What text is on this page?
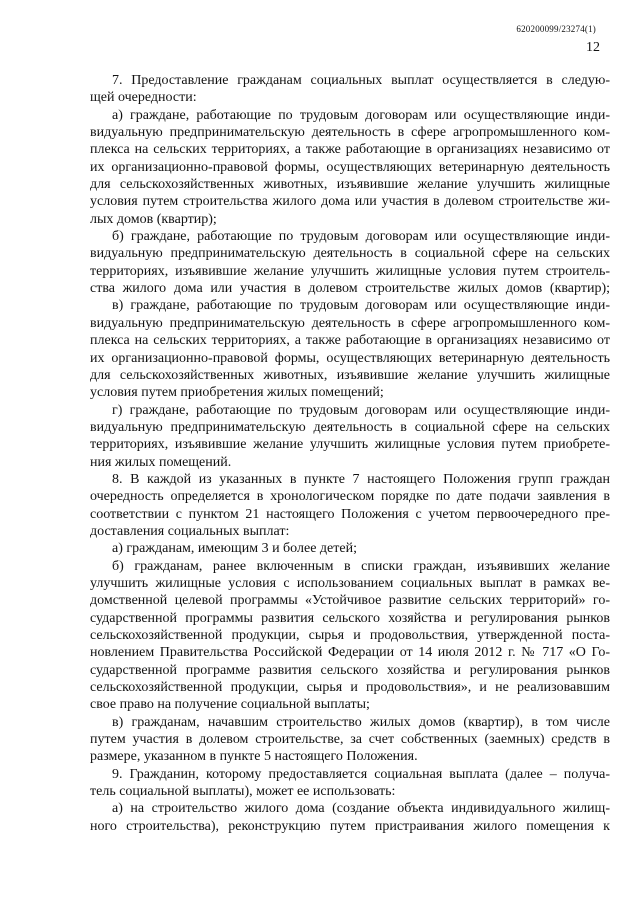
620200099/23274(1)
12
7. Предоставление гражданам социальных выплат осуществляется в следую-
щей очередности:
а) граждане, работающие по трудовым договорам или осуществляющие инди-
видуальную предпринимательскую деятельность в сфере агропромышленного ком-
плекса на сельских территориях, а также работающие в организациях независимо от
их организационно-правовой формы, осуществляющих ветеринарную деятельность
для сельскохозяйственных животных, изъявившие желание улучшить жилищные
условия путем строительства жилого дома или участия в долевом строительстве жи-
лых домов (квартир);
б) граждане, работающие по трудовым договорам или осуществляющие инди-
видуальную предпринимательскую деятельность в социальной сфере на сельских
территориях, изъявившие желание улучшить жилищные условия путем строитель-
ства жилого дома или участия в долевом строительстве жилых домов (квартир);
в) граждане, работающие по трудовым договорам или осуществляющие инди-
видуальную предпринимательскую деятельность в сфере агропромышленного ком-
плекса на сельских территориях, а также работающие в организациях независимо от
их организационно-правовой формы, осуществляющих ветеринарную деятельность
для сельскохозяйственных животных, изъявившие желание улучшить жилищные
условия путем приобретения жилых помещений;
г) граждане, работающие по трудовым договорам или осуществляющие инди-
видуальную предпринимательскую деятельность в социальной сфере на сельских
территориях, изъявившие желание улучшить жилищные условия путем приобрете-
ния жилых помещений.
8. В каждой из указанных в пункте 7 настоящего Положения групп граждан
очередность определяется в хронологическом порядке по дате подачи заявления в
соответствии с пунктом 21 настоящего Положения с учетом первоочередного пре-
доставления социальных выплат:
а) гражданам, имеющим 3 и более детей;
б) гражданам, ранее включенным в списки граждан, изъявивших желание
улучшить жилищные условия с использованием социальных выплат в рамках ве-
домственной целевой программы «Устойчивое развитие сельских территорий» го-
сударственной программы развития сельского хозяйства и регулирования рынков
сельскохозяйственной продукции, сырья и продовольствия, утвержденной поста-
новлением Правительства Российской Федерации от 14 июля 2012 г. № 717 «О Го-
сударственной программе развития сельского хозяйства и регулирования рынков
сельскохозяйственной продукции, сырья и продовольствия», и не реализовавшим
свое право на получение социальной выплаты;
в) гражданам, начавшим строительство жилых домов (квартир), в том числе
путем участия в долевом строительстве, за счет собственных (заемных) средств в
размере, указанном в пункте 5 настоящего Положения.
9. Гражданин, которому предоставляется социальная выплата (далее – получа-
тель социальной выплаты), может ее использовать:
а) на строительство жилого дома (создание объекта индивидуального жилищ-
ного строительства), реконструкцию путем пристраивания жилого помещения к
